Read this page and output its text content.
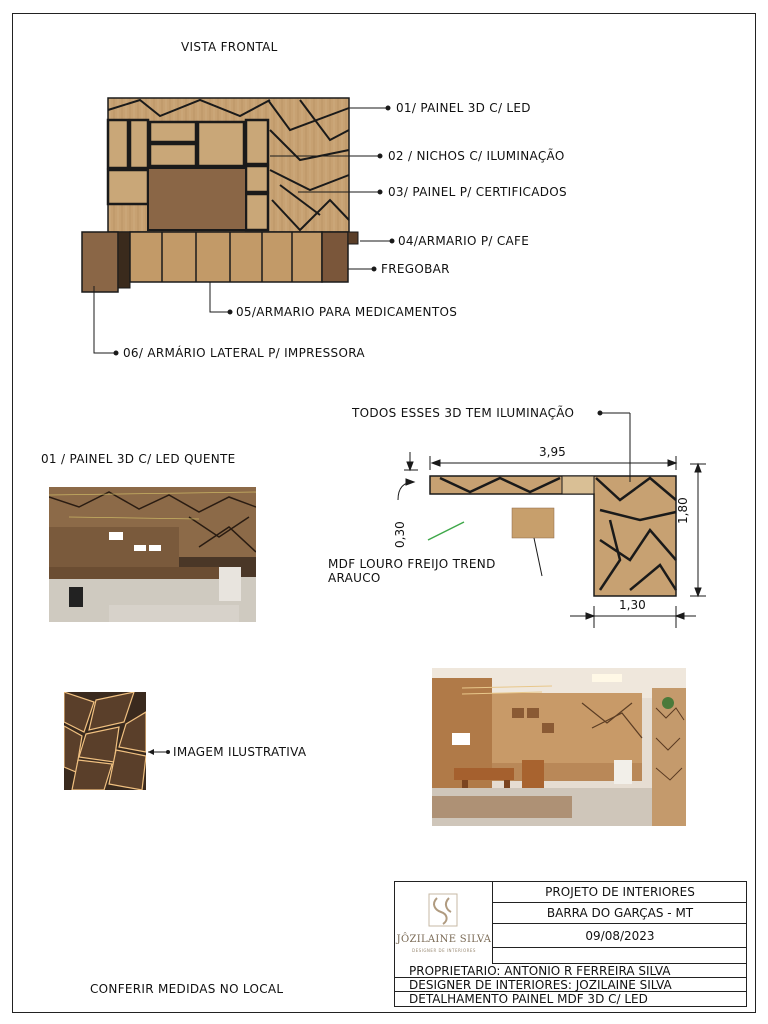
VISTA FRONTAL
01/ PAINEL 3D C/ LED
02 / NICHOS C/ ILUMINAÇÃO
03/ PAINEL P/ CERTIFICADOS
04/ARMARIO P/ CAFE
FREGOBAR
05/ARMARIO PARA MEDICAMENTOS
06/ ARMÁRIO LATERAL P/ IMPRESSORA
TODOS ESSES 3D TEM ILUMINAÇÃO
3,95
1,80
0,30
1,30
MDF LOURO FREIJO TREND
ARAUCO
01 / PAINEL 3D C/ LED QUENTE
IMAGEM ILUSTRATIVA
CONFERIR MEDIDAS NO LOCAL
JÔZILAINE SILVA
DESIGNER DE INTERIORES
PROJETO DE INTERIORES
BARRA DO GARÇAS - MT
09/08/2023
PROPRIETARIO: ANTONIO R FERREIRA SILVA
DESIGNER DE INTERIORES: JOZILAINE SILVA
DETALHAMENTO PAINEL MDF 3D C/ LED
